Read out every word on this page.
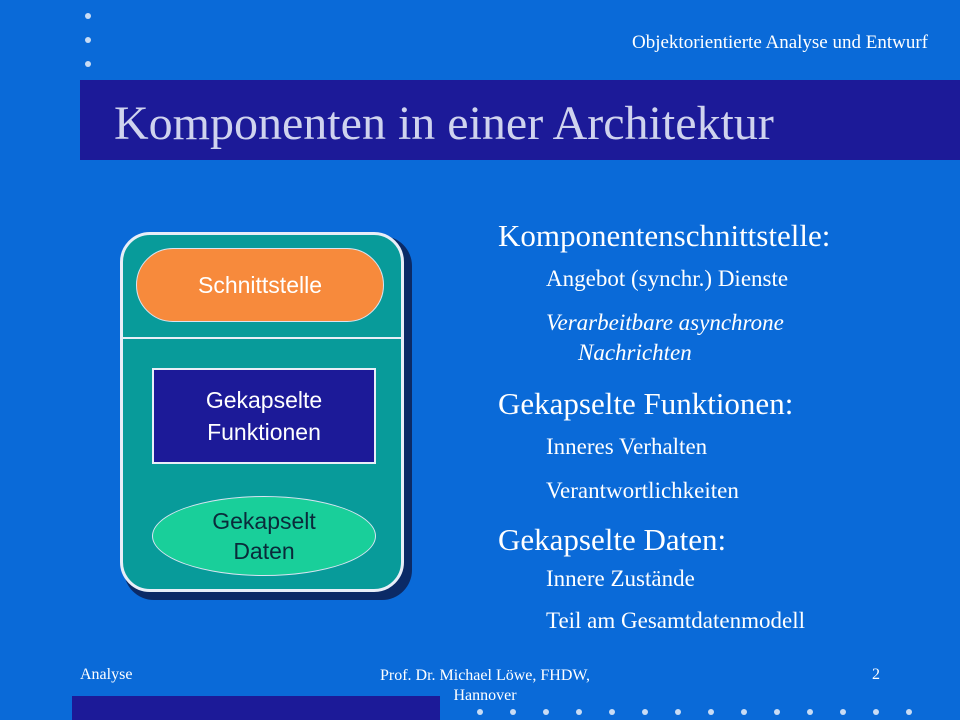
Objektorientierte Analyse und Entwurf
Komponenten in einer Architektur
Schnittstelle
Gekapselte
Funktionen
Gekapselt
Daten
Komponentenschnittstelle:
Angebot (synchr.) Dienste
Verarbeitbare asynchrone
Nachrichten
Gekapselte Funktionen:
Inneres Verhalten
Verantwortlichkeiten
Gekapselte Daten:
Innere Zustände
Teil am Gesamtdatenmodell
Analyse	Prof. Dr. Michael Löwe, FHDW,
Hannover
2
